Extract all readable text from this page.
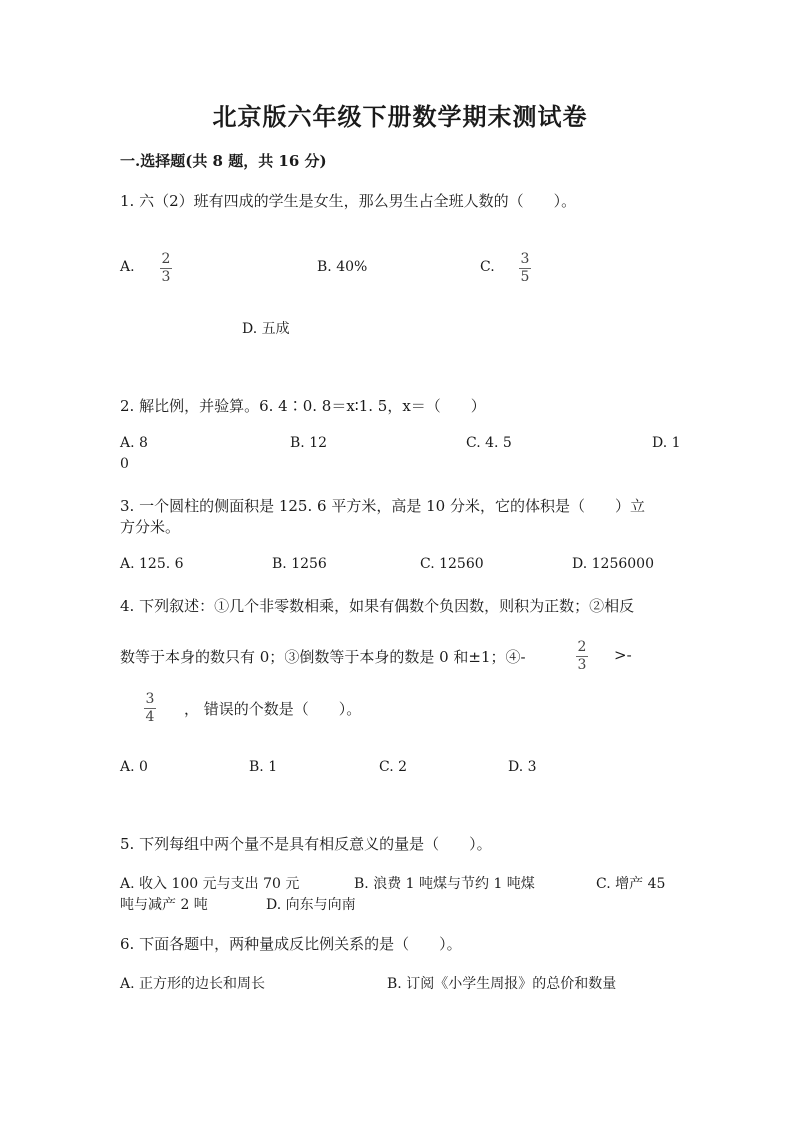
北京版六年级下册数学期末测试卷
一.选择题(共 8 题，共 16 分)
1. 六（2）班有四成的学生是女生，那么男生占全班人数的（　　）。
A. 2
3
B. 40%	C. 3
5
D. 五成
2. 解比例，并验算。6. 4∶0. 8＝x∶1. 5，x＝（　　）
A. 8	B. 12	C. 4. 5	D. 1
0
3. 一个圆柱的侧面积是 125. 6 平方米，高是 10 分米，它的体积是（　　）立
方分米。
A. 125. 6	B. 1256	C. 12560	D. 1256000
4. 下列叙述：①几个非零数相乘，如果有偶数个负因数，则积为正数；②相反
数等于本身的数只有 0；③倒数等于本身的数是 0 和±1；④-
2
3
>-
3
4 ， 错误的个数是（　　）。
A. 0	B. 1	C. 2	D. 3
5. 下列每组中两个量不是具有相反意义的量是（　　）。
A. 收入 100 元与支出 70 元	B. 浪费 1 吨煤与节约 1 吨煤	C. 增产 45
吨与减产 2 吨	D. 向东与向南
6. 下面各题中，两种量成反比例关系的是（　　）。
A. 正方形的边长和周长	B. 订阅《小学生周报》的总价和数量
